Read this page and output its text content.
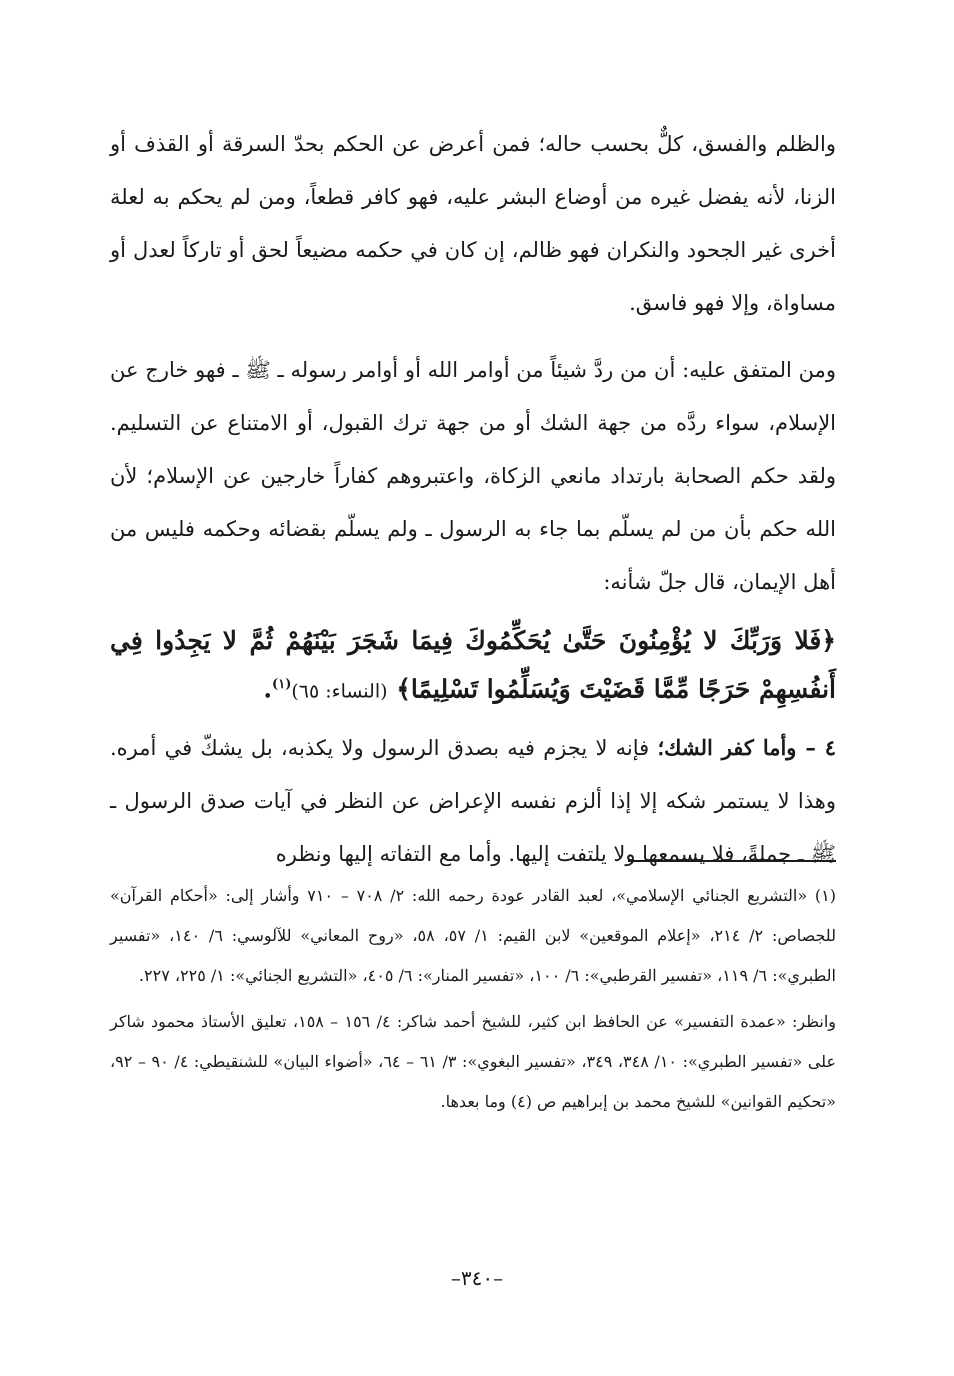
والظلم والفسق، كلٌّ بحسب حاله؛ فمن أعرض عن الحكم بحدّ السرقة أو القذف أو الزنا، لأنه يفضل غيره من أوضاع البشر عليه، فهو كافر قطعاً، ومن لم يحكم به لعلة أخرى غير الجحود والنكران فهو ظالم، إن كان في حكمه مضيعاً لحق أو تاركاً لعدل أو مساواة، وإلا فهو فاسق.

ومن المتفق عليه: أن من ردَّ شيئاً من أوامر الله أو أوامر رسوله ـ ﷺ ـ فهو خارج عن الإسلام، سواء ردَّه من جهة الشك أو من جهة ترك القبول، أو الامتناع عن التسليم. ولقد حكم الصحابة بارتداد مانعي الزكاة، واعتبروهم كفاراً خارجين عن الإسلام؛ لأن الله حكم بأن من لم يسلّم بما جاء به الرسول ـ ولم يسلّم بقضائه وحكمه فليس من أهل الإيمان، قال جلّ شأنه:

﴿فَلا وَرَبِّكَ لا يُؤْمِنُونَ حَتَّىٰ يُحَكِّمُوكَ فِيمَا شَجَرَ بَيْنَهُمْ ثُمَّ لا يَجِدُوا فِي أَنفُسِهِمْ حَرَجًا مِّمَّا قَضَيْتَ وَيُسَلِّمُوا تَسْلِيمًا﴾ (النساء: ٦٥)$^{(١)}$.

٤ – وأما كفر الشك؛ فإنه لا يجزم فيه بصدق الرسول ولا يكذبه، بل يشكّ في أمره. وهذا لا يستمر شكه إلا إذا ألزم نفسه الإعراض عن النظر في آيات صدق الرسول ـ ﷺ ـ جملةً، فلا يسمعها ولا يلتفت إليها. وأما مع التفاته إليها ونظره

(١) «التشريع الجنائي الإسلامي»، لعبد القادر عودة رحمه الله: ٢/ ٧٠٨ – ٧١٠ وأشار إلى: «أحكام القرآن» للجصاص: ٢/ ٢١٤، «إعلام الموقعين» لابن القيم: ١/ ٥٧، ٥٨، «روح المعاني» للآلوسي: ٦/ ١٤٠، «تفسير الطبري»: ٦/ ١١٩، «تفسير القرطبي»: ٦/ ١٠٠، «تفسير المنار»: ٦/ ٤٠٥، «التشريع الجنائي»: ١/ ٢٢٥، ٢٢٧.

وانظر: «عمدة التفسير» عن الحافظ ابن كثير، للشيخ أحمد شاكر: ٤/ ١٥٦ – ١٥٨، تعليق الأستاذ محمود شاكر على «تفسير الطبري»: ١٠/ ٣٤٨، ٣٤٩، «تفسير البغوي»: ٣/ ٦١ – ٦٤، «أضواء البيان» للشنقيطي: ٤/ ٩٠ – ٩٢، «تحكيم القوانين» للشيخ محمد بن إبراهيم ص (٤) وما بعدها.

–٣٤٠–
